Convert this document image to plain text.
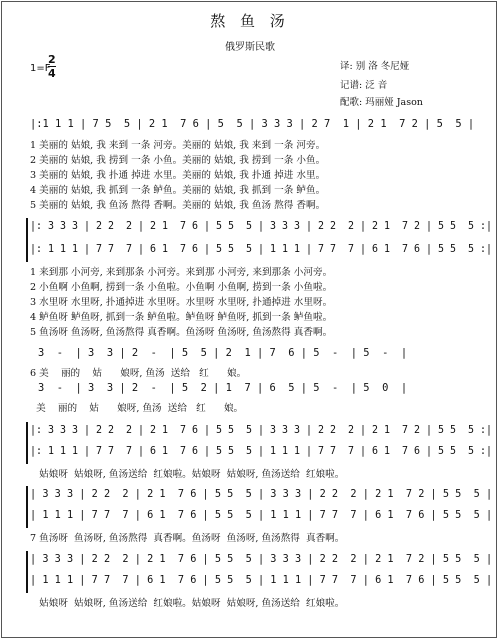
熬 鱼 汤
俄罗斯民歌
1=F
2
4
译: 别 洛 冬尼娅
记谱: 泛 音
配歌: 玛丽娅 Jason
|:1 1 1 | 7 5  5 | 2 1  7 6 | 5  5 | 3 3 3 | 2 7  1 | 2 1  7 2 | 5  5 |
1 美丽的 姑娘, 我 来到 一条 河旁。美丽的 姑娘, 我 来到 一条 河旁。
2 美丽的 姑娘, 我 捞到 一条 小鱼。美丽的 姑娘, 我 捞到 一条 小鱼。
3 美丽的 姑娘, 我 扑通 掉进 水里。美丽的 姑娘, 我 扑通 掉进 水里。
4 美丽的 姑娘, 我 抓到 一条 鲈鱼。美丽的 姑娘, 我 抓到 一条 鲈鱼。
5 美丽的 姑娘, 我 鱼汤 熬得 香啊。美丽的 姑娘, 我 鱼汤 熬得 香啊。
|: 3 3 3 | 2 2  2 | 2 1  7 6 | 5 5  5 | 3 3 3 | 2 2  2 | 2 1  7 2 | 5 5  5 :|
|: 1 1 1 | 7 7  7 | 6 1  7 6 | 5 5  5 | 1 1 1 | 7 7  7 | 6 1  7 6 | 5 5  5 :|
1 来到那 小河旁, 来到那条 小河旁。来到那 小河旁, 来到那条 小河旁。
2 小鱼啊 小鱼啊, 捞到一条 小鱼啦。小鱼啊 小鱼啊, 捞到一条 小鱼啦。
3 水里呀 水里呀, 扑通掉进 水里呀。水里呀 水里呀, 扑通掉进 水里呀。
4 鲈鱼呀 鲈鱼呀, 抓到一条 鲈鱼啦。鲈鱼呀 鲈鱼呀, 抓到一条 鲈鱼啦。
5 鱼汤呀 鱼汤呀, 鱼汤熬得 真香啊。鱼汤呀 鱼汤呀, 鱼汤熬得 真香啊。
3  -  | 3  3 | 2  -  | 5  5 | 2  1 | 7  6 | 5  -  | 5  -  |
6 美    丽的    姑      娘呀, 鱼汤  送给   红      娘。
3  -  | 3  3 | 2  -  | 5  2 | 1  7 | 6  5 | 5  -  | 5  0  |
美    丽的    姑      娘呀, 鱼汤  送给   红      娘。
|: 3 3 3 | 2 2  2 | 2 1  7 6 | 5 5  5 | 3 3 3 | 2 2  2 | 2 1  7 2 | 5 5  5 :|
|: 1 1 1 | 7 7  7 | 6 1  7 6 | 5 5  5 | 1 1 1 | 7 7  7 | 6 1  7 6 | 5 5  5 :|
姑娘呀  姑娘呀, 鱼汤送给  红娘啦。姑娘呀  姑娘呀, 鱼汤送给  红娘啦。
| 3 3 3 | 2 2  2 | 2 1  7 6 | 5 5  5 | 3 3 3 | 2 2  2 | 2 1  7 2 | 5 5  5 |
| 1 1 1 | 7 7  7 | 6 1  7 6 | 5 5  5 | 1 1 1 | 7 7  7 | 6 1  7 6 | 5 5  5 |
7 鱼汤呀  鱼汤呀, 鱼汤熬得  真香啊。鱼汤呀  鱼汤呀, 鱼汤熬得  真香啊。
| 3 3 3 | 2 2  2 | 2 1  7 6 | 5 5  5 | 3 3 3 | 2 2  2 | 2 1  7 2 | 5 5  5 |
| 1 1 1 | 7 7  7 | 6 1  7 6 | 5 5  5 | 1 1 1 | 7 7  7 | 6 1  7 6 | 5 5  5 |
姑娘呀  姑娘呀, 鱼汤送给  红娘啦。姑娘呀  姑娘呀, 鱼汤送给  红娘啦。
